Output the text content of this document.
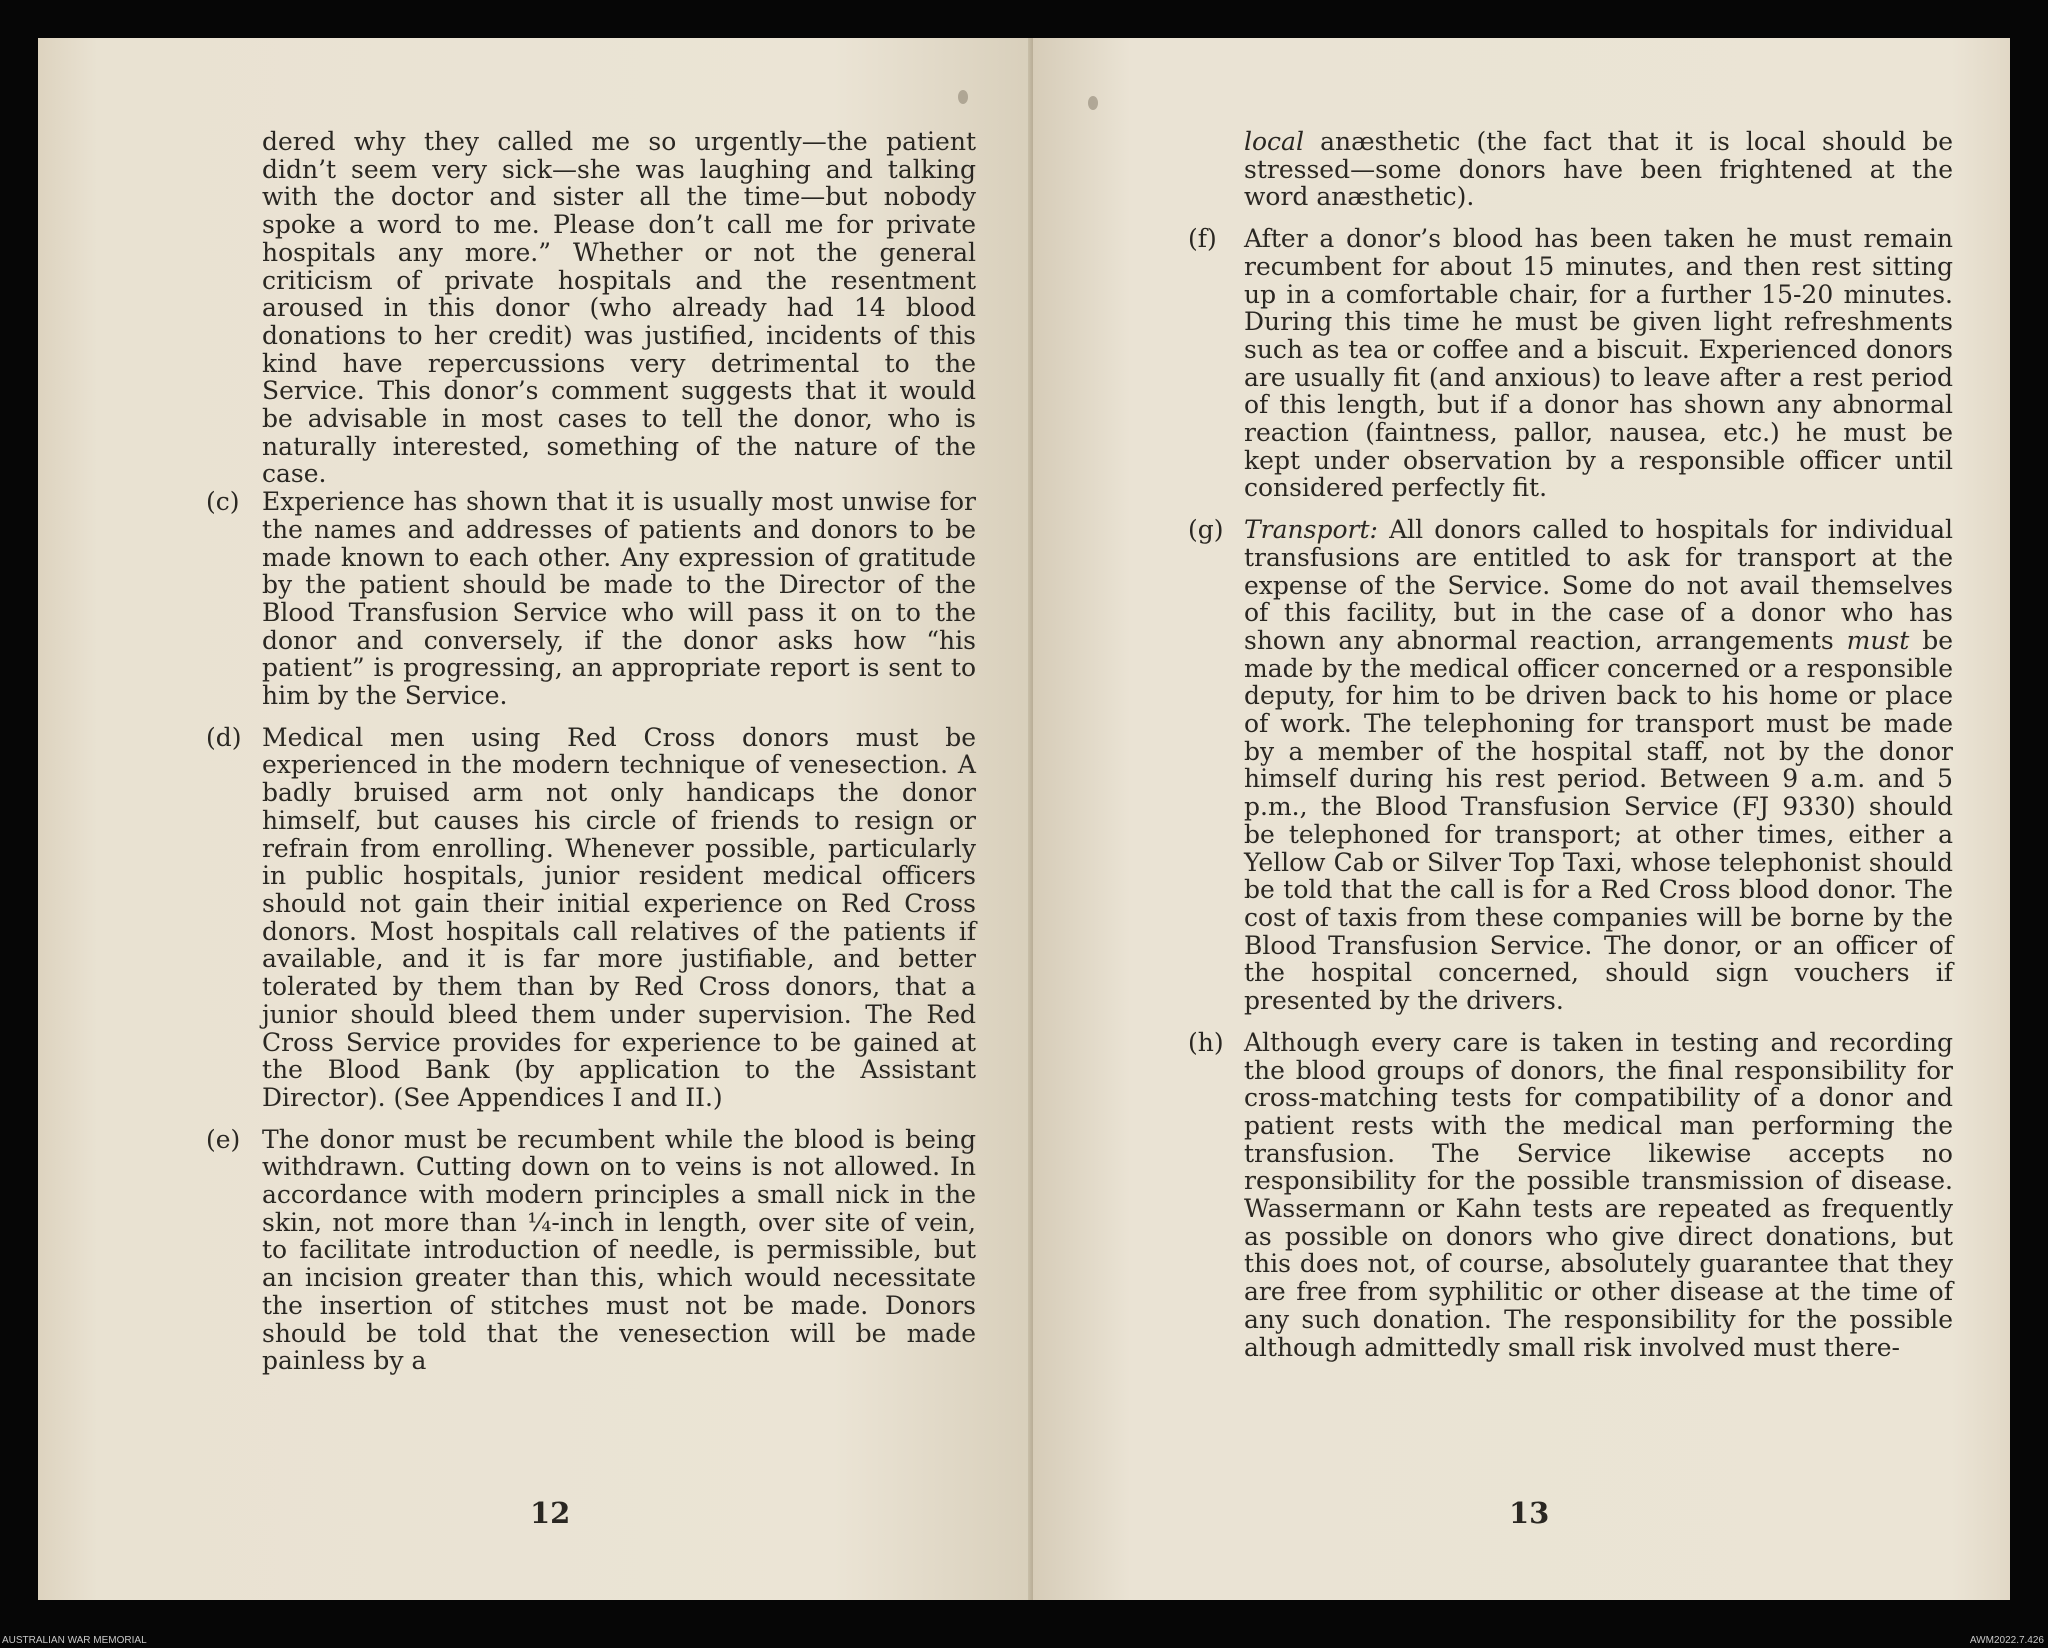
dered why they called me so urgently—the patient didn’t seem very sick—she was laughing and talking with the doctor and sister all the time—but nobody spoke a word to me. Please don’t call me for private hospitals any more.” Whether or not the general criticism of private hospitals and the resentment aroused in this donor (who already had 14 blood donations to her credit) was justified, incidents of this kind have repercussions very detrimental to the Service. This donor’s comment suggests that it would be advisable in most cases to tell the donor, who is naturally interested, something of the nature of the case.

(c) Experience has shown that it is usually most unwise for the names and addresses of patients and donors to be made known to each other. Any expression of gratitude by the patient should be made to the Director of the Blood Transfusion Service who will pass it on to the donor and conversely, if the donor asks how “his patient” is progressing, an appropriate report is sent to him by the Service.
(d) Medical men using Red Cross donors must be experienced in the modern technique of venesection. A badly bruised arm not only handicaps the donor himself, but causes his circle of friends to resign or refrain from enrolling. Whenever possible, particularly in public hospitals, junior resident medical officers should not gain their initial experience on Red Cross donors. Most hospitals call relatives of the patients if available, and it is far more justifiable, and better tolerated by them than by Red Cross donors, that a junior should bleed them under supervision. The Red Cross Service provides for experience to be gained at the Blood Bank (by application to the Assistant Director). (See Appendices I and II.)
(e) The donor must be recumbent while the blood is being withdrawn. Cutting down on to veins is not allowed. In accordance with modern principles a small nick in the skin, not more than ¼-inch in length, over site of vein, to facilitate introduction of needle, is permissible, but an incision greater than this, which would necessitate the insertion of stitches must not be made. Donors should be told that the venesection will be made painless by a
12

local anæsthetic (the fact that it is local should be stressed—some donors have been frightened at the word anæsthetic).

(f) After a donor’s blood has been taken he must remain recumbent for about 15 minutes, and then rest sitting up in a comfortable chair, for a further 15-20 minutes. During this time he must be given light refreshments such as tea or coffee and a biscuit. Experienced donors are usually fit (and anxious) to leave after a rest period of this length, but if a donor has shown any abnormal reaction (faintness, pallor, nausea, etc.) he must be kept under observation by a responsible officer until considered perfectly fit.
(g) Transport: All donors called to hospitals for individual transfusions are entitled to ask for transport at the expense of the Service. Some do not avail themselves of this facility, but in the case of a donor who has shown any abnormal reaction, arrangements must be made by the medical officer concerned or a responsible deputy, for him to be driven back to his home or place of work. The telephoning for transport must be made by a member of the hospital staff, not by the donor himself during his rest period. Between 9 a.m. and 5 p.m., the Blood Transfusion Service (FJ 9330) should be telephoned for transport; at other times, either a Yellow Cab or Silver Top Taxi, whose telephonist should be told that the call is for a Red Cross blood donor. The cost of taxis from these companies will be borne by the Blood Transfusion Service. The donor, or an officer of the hospital concerned, should sign vouchers if presented by the drivers.
(h) Although every care is taken in testing and recording the blood groups of donors, the final responsibility for cross-matching tests for compatibility of a donor and patient rests with the medical man performing the transfusion. The Service likewise accepts no responsibility for the possible transmission of disease. Wassermann or Kahn tests are repeated as frequently as possible on donors who give direct donations, but this does not, of course, absolutely guarantee that they are free from syphilitic or other disease at the time of any such donation. The responsibility for the possible although admittedly small risk involved must there-
13
AUSTRALIAN WAR MEMORIAL	AWM2022.7.426
